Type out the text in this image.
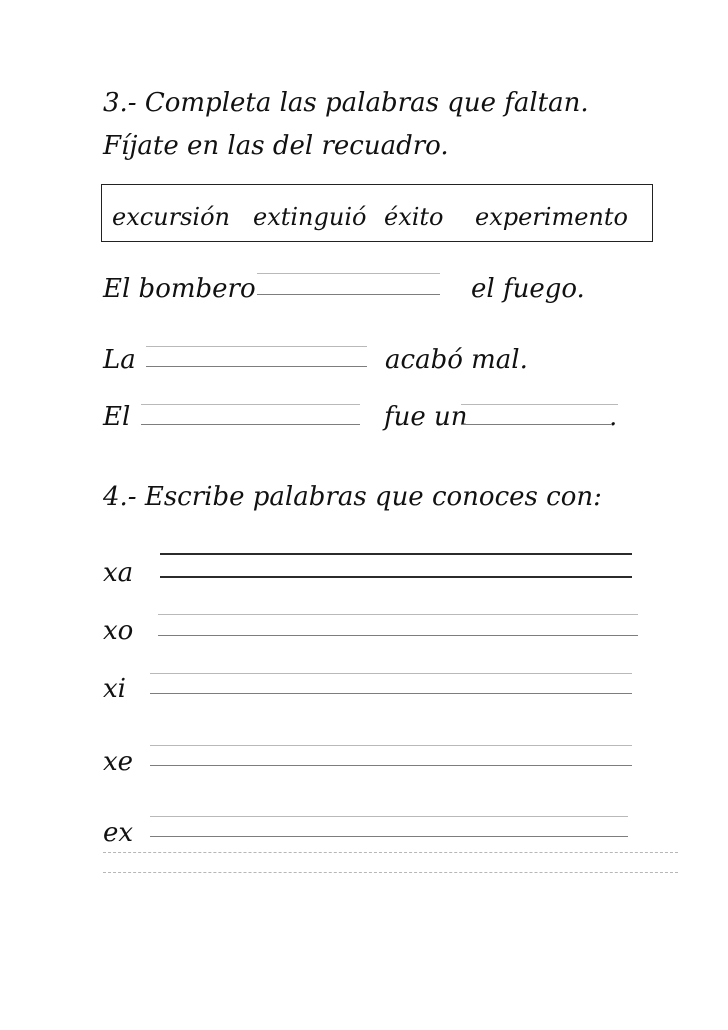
3.- Completa las palabras que faltan.
Fíjate en las del recuadro.
excursión extinguió éxito experimento
El bombero	el fuego.
La	acabó mal.
El	fue un	.
4.- Escribe palabras que conoces con:
xa
xo
xi
xe
ex
